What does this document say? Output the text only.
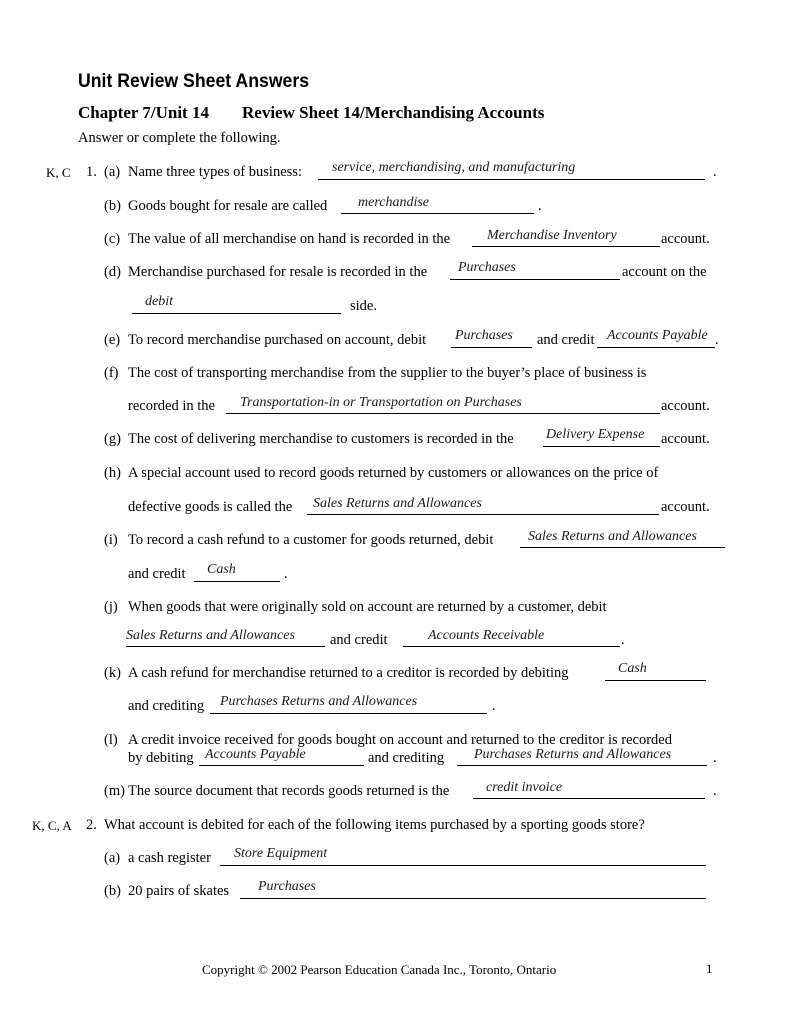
Unit Review Sheet Answers
Chapter 7/Unit 14 Review Sheet 14/Merchandising Accounts
Answer or complete the following.
K, C 1. (a) Name three types of business: service, merchandising, and manufacturing	.
(b) Goods bought for resale are called merchandise	.
(c) The value of all merchandise on hand is recorded in the	Merchandise Inventory	account.
(d) Merchandise purchased for resale is recorded in the Purchases	account on the
debit	side.
(e) To record merchandise purchased on account, debit Purchases and credit Accounts Payable .
(f) The cost of transporting merchandise from the supplier to the buyer’s place of business is
recorded in the Transportation-in or Transportation on Purchases	account.
(g) The cost of delivering merchandise to customers is recorded in the Delivery Expense account.
(h) A special account used to record goods returned by customers or allowances on the price of
defective goods is called the Sales Returns and Allowances	account.
(i) To record a cash refund to a customer for goods returned, debit Sales Returns and Allowances
and credit Cash	.
(j) When goods that were originally sold on account are returned by a customer, debit
Sales Returns and Allowances and credit	Accounts Receivable	.
(k) A cash refund for merchandise returned to a creditor is recorded by debiting	Cash
and crediting Purchases Returns and Allowances	.
(l) A credit invoice received for goods bought on account and returned to the creditor is recorded
by debiting Accounts Payable	and crediting Purchases Returns and Allowances	.
(m) The source document that records goods returned is the	credit invoice	.
K, C, A 2. What account is debited for each of the following items purchased by a sporting goods store?
(a) a cash register Store Equipment
(b) 20 pairs of skates Purchases
Copyright © 2002 Pearson Education Canada Inc., Toronto, Ontario	1
